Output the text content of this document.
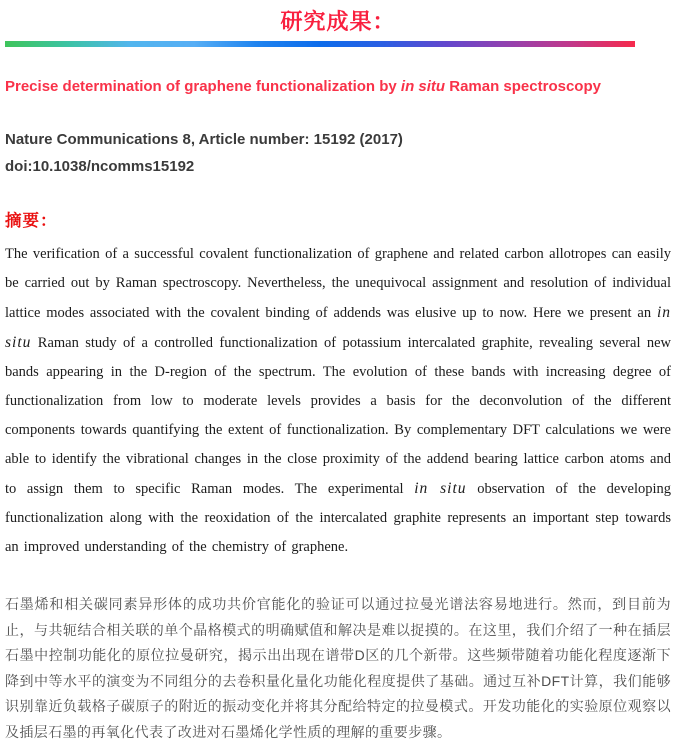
研究成果：
Precise determination of graphene functionalization by in situ Raman spectroscopy
Nature Communications 8, Article number: 15192 (2017)
doi:10.1038/ncomms15192
摘要：

The verification of a successful covalent functionalization of graphene and related carbon allotropes can easily be carried out by Raman spectroscopy. Nevertheless, the unequivocal assignment and resolution of individual lattice modes associated with the covalent binding of addends was elusive up to now. Here we present an in situ Raman study of a controlled functionalization of potassium intercalated graphite, revealing several new bands appearing in the D-region of the spectrum. The evolution of these bands with increasing degree of functionalization from low to moderate levels provides a basis for the deconvolution of the different components towards quantifying the extent of functionalization. By complementary DFT calculations we were able to identify the vibrational changes in the close proximity of the addend bearing lattice carbon atoms and to assign them to specific Raman modes. The experimental in situ observation of the developing functionalization along with the reoxidation of the intercalated graphite represents an important step towards an improved understanding of the chemistry of graphene.

石墨烯和相关碳同素异形体的成功共价官能化的验证可以通过拉曼光谱法容易地进行。然而，到目前为止，与共轭结合相关联的单个晶格模式的明确赋值和解决是难以捉摸的。在这里，我们介绍了一种在插层石墨中控制功能化的原位拉曼研究，揭示出出现在谱带D区的几个新带。这些频带随着功能化程度逐渐下降到中等水平的演变为不同组分的去卷积量化量化功能化程度提供了基础。通过互补DFT计算，我们能够识别靠近负载格子碳原子的附近的振动变化并将其分配给特定的拉曼模式。开发功能化的实验原位观察以及插层石墨的再氧化代表了改进对石墨烯化学性质的理解的重要步骤。
